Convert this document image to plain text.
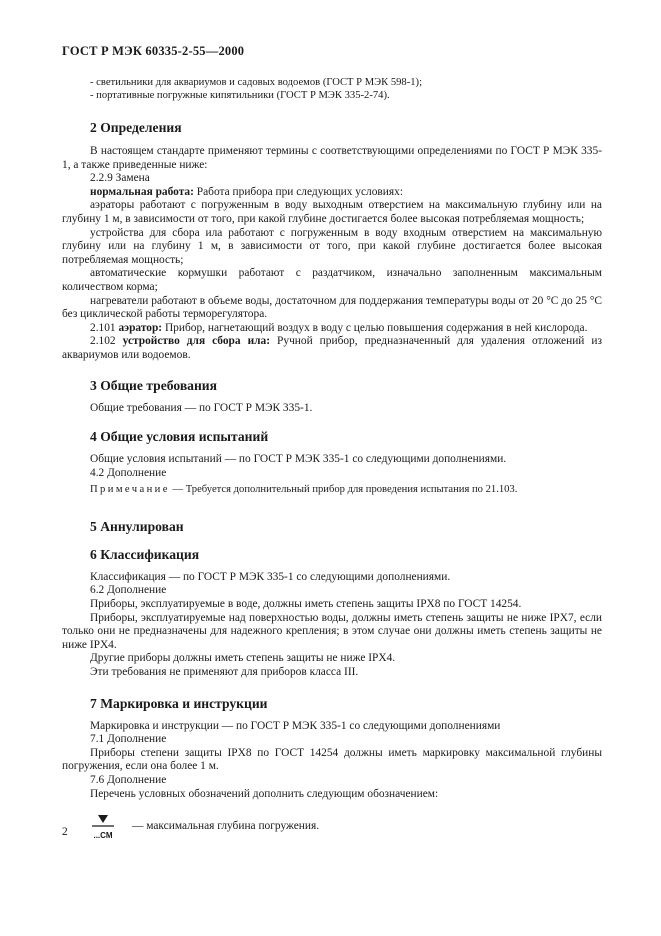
ГОСТ Р МЭК 60335-2-55—2000

- светильники для аквариумов и садовых водоемов (ГОСТ Р МЭК 598-1);

- портативные погружные кипятильники (ГОСТ Р МЭК 335-2-74).

2 Определения

В настоящем стандарте применяют термины с соответствующими определениями по ГОСТ Р МЭК 335-1, а также приведенные ниже:

2.2.9 Замена

нормальная работа: Работа прибора при следующих условиях:

аэраторы работают с погруженным в воду выходным отверстием на максимальную глубину или на глубину 1 м, в зависимости от того, при какой глубине достигается более высокая потребляемая мощность;

устройства для сбора ила работают с погруженным в воду входным отверстием на максимальную глубину или на глубину 1 м, в зависимости от того, при какой глубине достигается более высокая потребляемая мощность;

автоматические кормушки работают с раздатчиком, изначально заполненным максимальным количеством корма;

нагреватели работают в объеме воды, достаточном для поддержания температуры воды от 20 °С до 25 °С без циклической работы терморегулятора.

2.101 аэратор: Прибор, нагнетающий воздух в воду с целью повышения содержания в ней кислорода.

2.102 устройство для сбора ила: Ручной прибор, предназначенный для удаления отложений из аквариумов или водоемов.

3 Общие требования

Общие требования — по ГОСТ Р МЭК 335-1.

4 Общие условия испытаний

Общие условия испытаний — по ГОСТ Р МЭК 335-1 со следующими дополнениями.

4.2 Дополнение

Примечание — Требуется дополнительный прибор для проведения испытания по 21.103.

5 Аннулирован
6 Классификация

Классификация — по ГОСТ Р МЭК 335-1 со следующими дополнениями.

6.2 Дополнение

Приборы, эксплуатируемые в воде, должны иметь степень защиты IPX8 по ГОСТ 14254.

Приборы, эксплуатируемые над поверхностью воды, должны иметь степень защиты не ниже IPX7, если только они не предназначены для надежного крепления; в этом случае они должны иметь степень защиты не ниже IPX4.

Другие приборы должны иметь степень защиты не ниже IPX4.

Эти требования не применяют для приборов класса III.

7 Маркировка и инструкции

Маркировка и инструкции — по ГОСТ Р МЭК 335-1 со следующими дополнениями

7.1 Дополнение

Приборы степени защиты IPX8 по ГОСТ 14254 должны иметь маркировку максимальной глубины погружения, если она более 1 м.

7.6 Дополнение

Перечень условных обозначений дополнить следующим обозначением:

...СМ
— максимальная глубина погружения.
2
